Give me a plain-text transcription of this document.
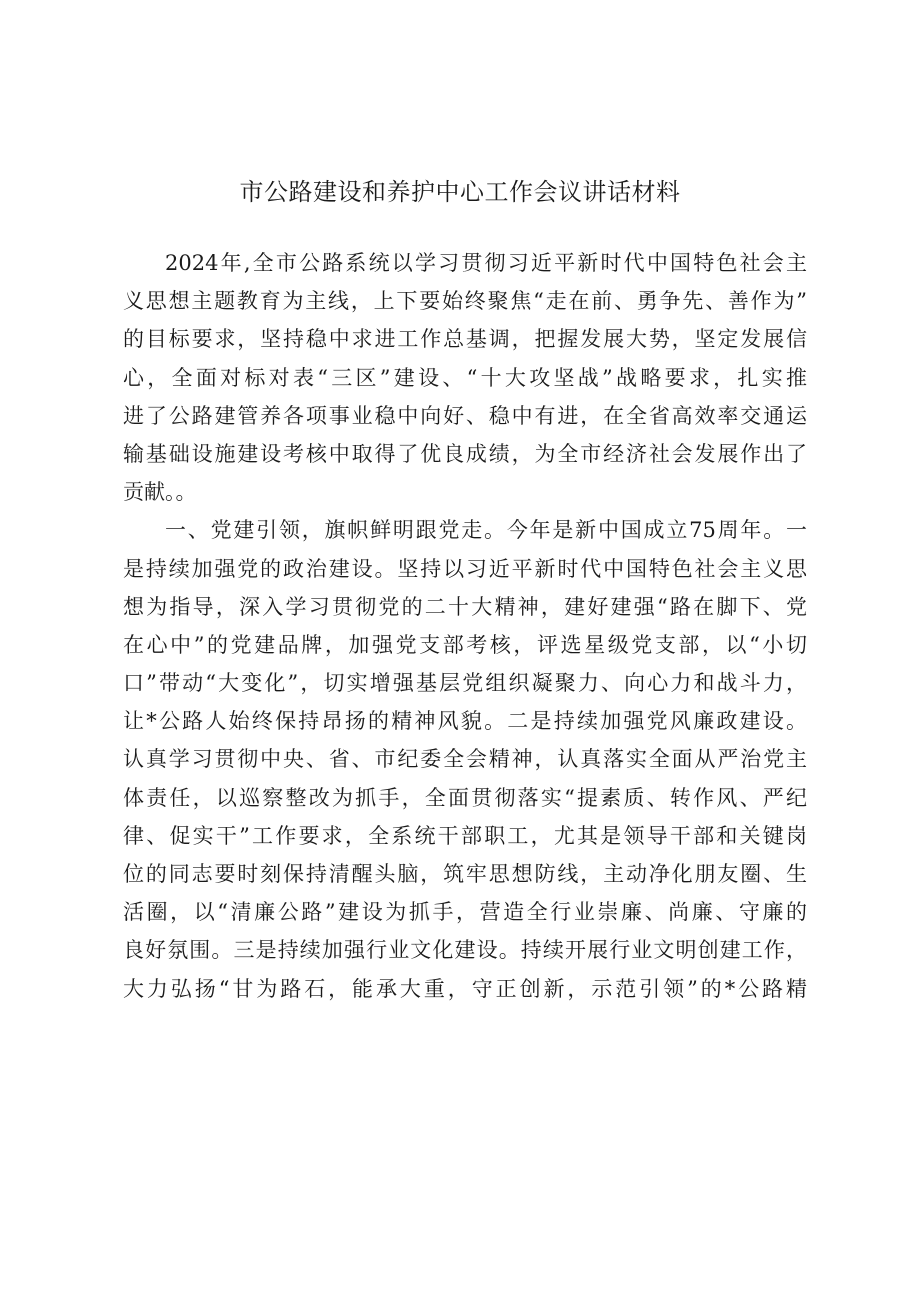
市公路建设和养护中心工作会议讲话材料
2024年,全市公路系统以学习贯彻习近平新时代中国特色社会主
义思想主题教育为主线，上下要始终聚焦“走在前、勇争先、善作为”
的目标要求，坚持稳中求进工作总基调，把握发展大势，坚定发展信
心，全面对标对表“三区”建设、“十大攻坚战”战略要求，扎实推
进了公路建管养各项事业稳中向好、稳中有进，在全省高效率交通运
输基础设施建设考核中取得了优良成绩，为全市经济社会发展作出了
贡献。。
一、党建引领，旗帜鲜明跟党走。今年是新中国成立75周年。一
是持续加强党的政治建设。坚持以习近平新时代中国特色社会主义思
想为指导，深入学习贯彻党的二十大精神，建好建强“路在脚下、党
在心中”的党建品牌，加强党支部考核，评选星级党支部，以“小切
口”带动“大变化”，切实增强基层党组织凝聚力、向心力和战斗力，
让*公路人始终保持昂扬的精神风貌。二是持续加强党风廉政建设。
认真学习贯彻中央、省、市纪委全会精神，认真落实全面从严治党主
体责任，以巡察整改为抓手，全面贯彻落实“提素质、转作风、严纪
律、促实干”工作要求，全系统干部职工，尤其是领导干部和关键岗
位的同志要时刻保持清醒头脑，筑牢思想防线，主动净化朋友圈、生
活圈，以“清廉公路”建设为抓手，营造全行业崇廉、尚廉、守廉的
良好氛围。三是持续加强行业文化建设。持续开展行业文明创建工作，
大力弘扬“甘为路石，能承大重，守正创新，示范引领”的*公路精
